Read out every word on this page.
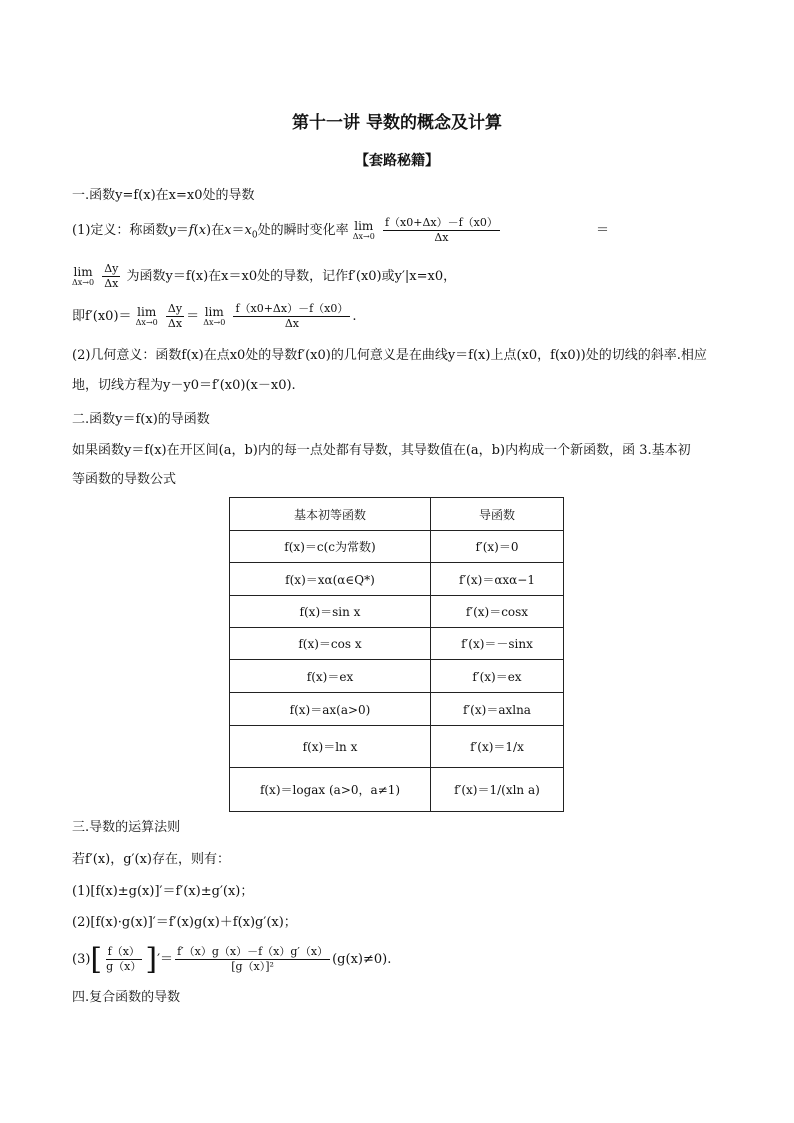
第十一讲 导数的概念及计算
【套路秘籍】
一.函数y=f(x)在x=x0处的导数
(1)定义：称函数y＝f(x)在$x=x_0$处的瞬时变化率 lim
Δx→0
$\frac{f(x0+\Delta x)-f(x0)}{\Delta x}$	＝
lim
Δx→0
$\frac{\Delta y}{\Delta x}$ 为函数y＝f(x)在x＝x0处的导数，记作f′(x0)或y′|x=x0，
即f′(x0)＝ lim
Δx→0
$\frac{\Delta y}{\Delta x} = \lim$
Δx→0
$\frac{f(x0+\Delta x)-f(x0)}{\Delta x}$ .
(2)几何意义：函数f(x)在点x0处的导数f′(x0)的几何意义是在曲线y＝f(x)上点(x0，f(x0))处的切线的斜率.相应
地，切线方程为y－y0＝f′(x0)(x－x0).
二.函数y＝f(x)的导函数
如果函数y＝f(x)在开区间(a，b)内的每一点处都有导数，其导数值在(a，b)内构成一个新函数，函 3.基本初
等函数的导数公式
基本初等函数	导函数
f(x)＝c(c为常数)	f′(x)＝0
f(x)＝xα(α∈Q*)	f′(x)＝αxα−1
f(x)＝sin x	f′(x)＝cosx
f(x)＝cos x	f′(x)＝－sinx
f(x)＝ex	f′(x)＝ex
f(x)＝ax(a>0)	f′(x)＝axlna
f(x)＝ln x	f′(x)＝1/x
f(x)＝logax (a>0，a≠1)	f′(x)＝1/(xln a)
三.导数的运算法则
若f′(x)，g′(x)存在，则有：
(1)[f(x)±g(x)]′＝f′(x)±g′(x)；
(2)[f(x)·g(x)]′＝f′(x)g(x)＋f(x)g′(x)；
(3) [ $\frac{f(x)}{g(x)}$ ] ′＝ $\frac{f'(x)g(x)-f(x)g'(x)}{\text{[g（x）]²}} (g(x)\ne 0)$.
四.复合函数的导数
